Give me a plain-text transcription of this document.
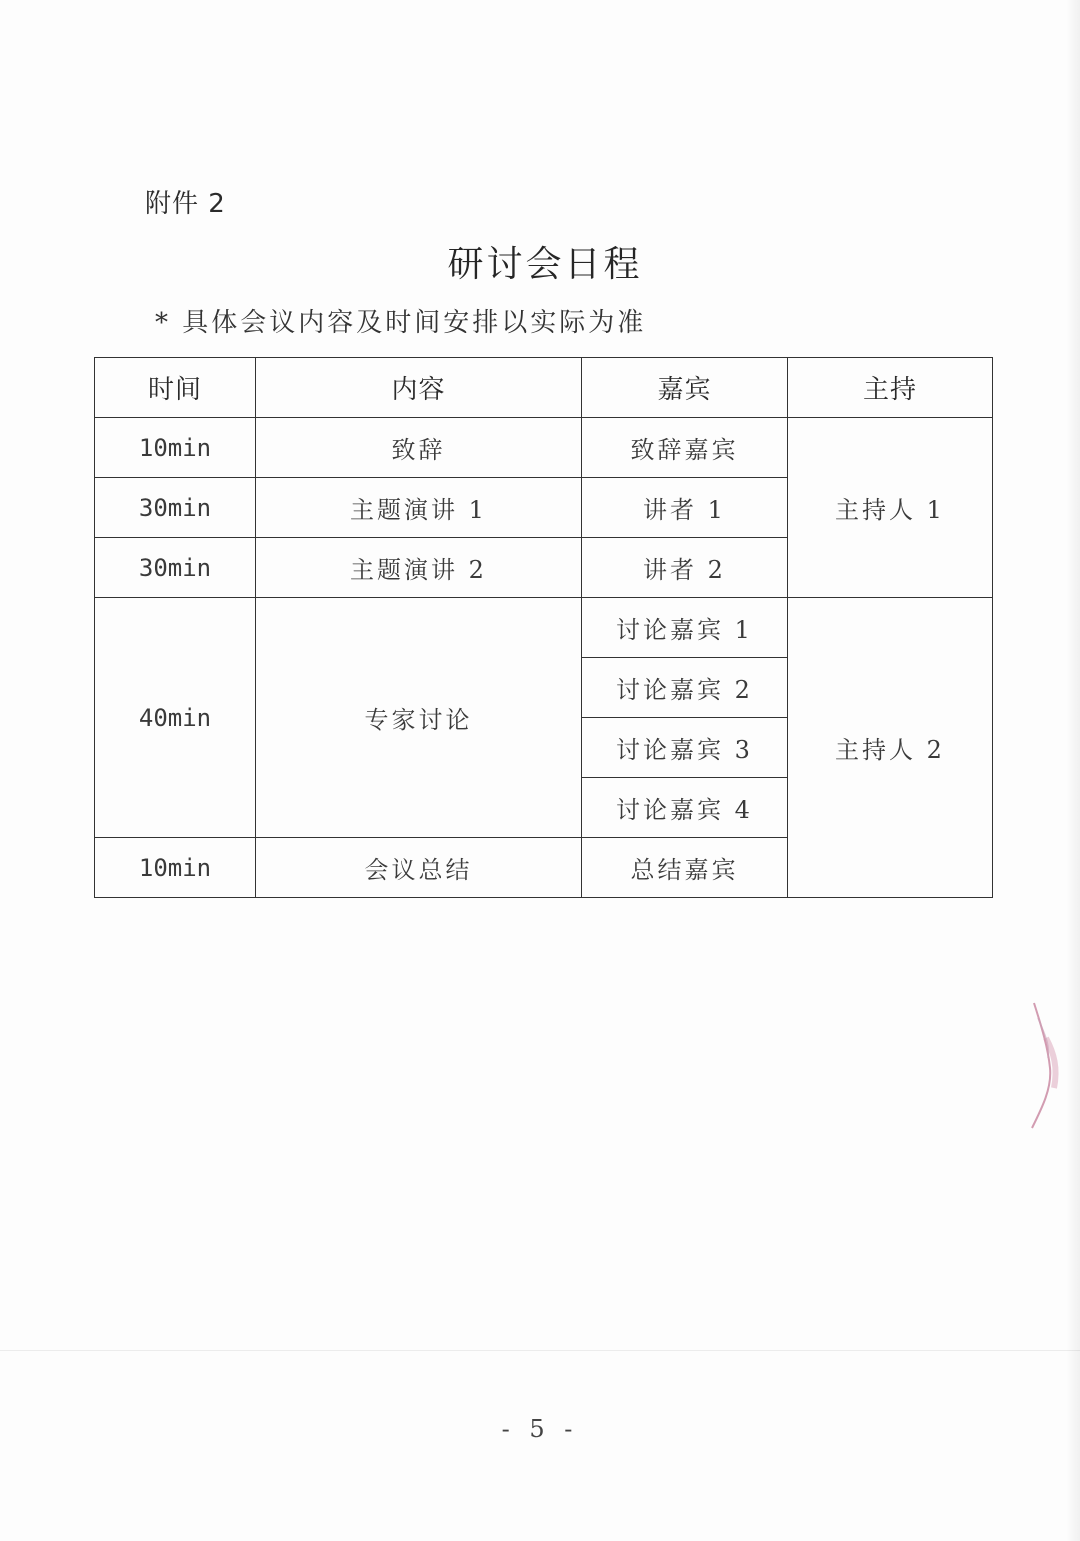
附件 2
研讨会日程
* 具体会议内容及时间安排以实际为准
时间	内容	嘉宾	主持
10min	致辞	致辞嘉宾	主持人 1
30min	主题演讲 1	讲者 1	
30min	主题演讲 2	讲者 2	
40min	专家讨论	讨论嘉宾 1	主持人 2
		讨论嘉宾 2	
		讨论嘉宾 3	
		讨论嘉宾 4	
10min	会议总结	总结嘉宾	
- 5 -
